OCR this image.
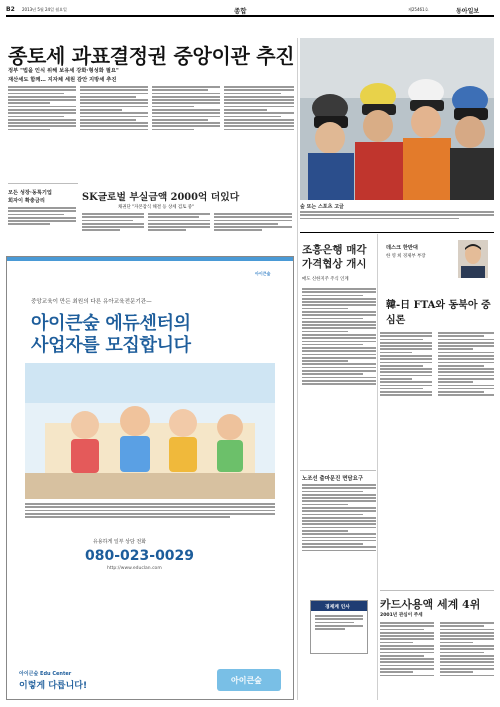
B2 2013년 5월 24일 월요일	종합	제25461호	동아일보
종토세 과표결정권 중앙이관 추진
정부 "법을 인식 위해 보유세 강화·형성화 필요"
재산세도 함께… 지자체 세원 감안 지방세 추진
숲 또는 스포츠 고글
모든 성장·동록기업
회자이 확충금리	SK글로벌 부실금액 2000억 더있다
채권단 "자본잠식 해결 등 상세 검토 중"
아이큰숲
중앙교육이 만든 최원의 다른 유아교육전문기관—
아이큰숲 에듀센터의
사업자를 모집합니다
유용하게 일부 상담 전화
080-023-0029
http://www.educlan.com
아이큰숲 Edu Center
이렇게 다릅니다!
아이큰숲
조흥은행 매각 가격협상 개시
매도 신한지주 주식 인계
데스크 한반대
한 영 희 경제부 부장
韓-日 FTA와 동북아 중심론
노조선 출마문진 면담요구
경제계 인사	카드사용액 세계 4위
2001년 관심이 주세
